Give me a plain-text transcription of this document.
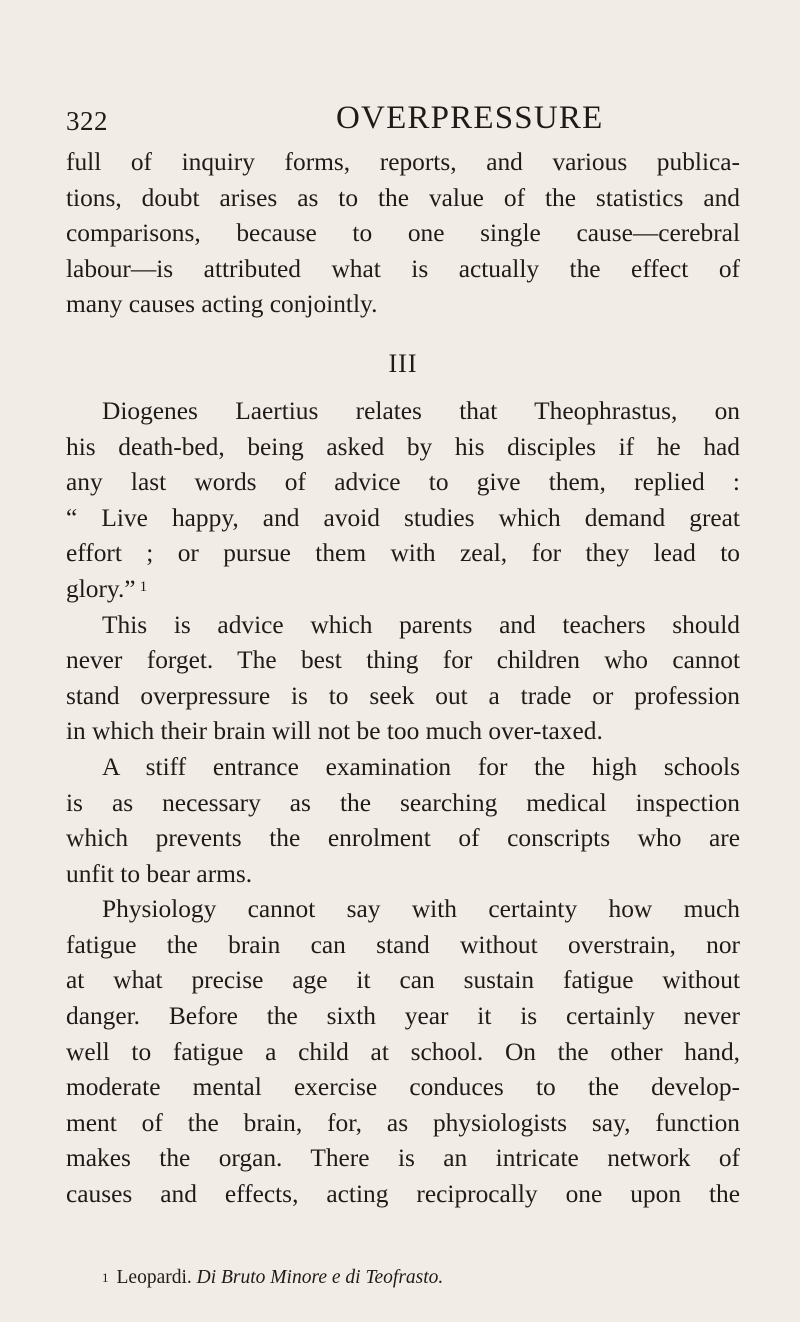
322	OVERPRESSURE
full of inquiry forms, reports, and various publica-
tions, doubt arises as to the value of the statistics and
comparisons, because to one single cause—cerebral
labour—is attributed what is actually the effect of
many causes acting conjointly.
III
Diogenes Laertius relates that Theophrastus, on
his death-bed, being asked by his disciples if he had
any last words of advice to give them, replied :
“ Live happy, and avoid studies which demand great
effort ; or pursue them with zeal, for they lead to
glory.” $^1$
This is advice which parents and teachers should
never forget. The best thing for children who cannot
stand overpressure is to seek out a trade or profession
in which their brain will not be too much over-taxed.
A stiff entrance examination for the high schools
is as necessary as the searching medical inspection
which prevents the enrolment of conscripts who are
unfit to bear arms.
Physiology cannot say with certainty how much
fatigue the brain can stand without overstrain, nor
at what precise age it can sustain fatigue without
danger. Before the sixth year it is certainly never
well to fatigue a child at school. On the other hand,
moderate mental exercise conduces to the develop-
ment of the brain, for, as physiologists say, function
makes the organ. There is an intricate network of
causes and effects, acting reciprocally one upon the
$^1$ Leopardi. Di Bruto Minore e di Teofrasto.
